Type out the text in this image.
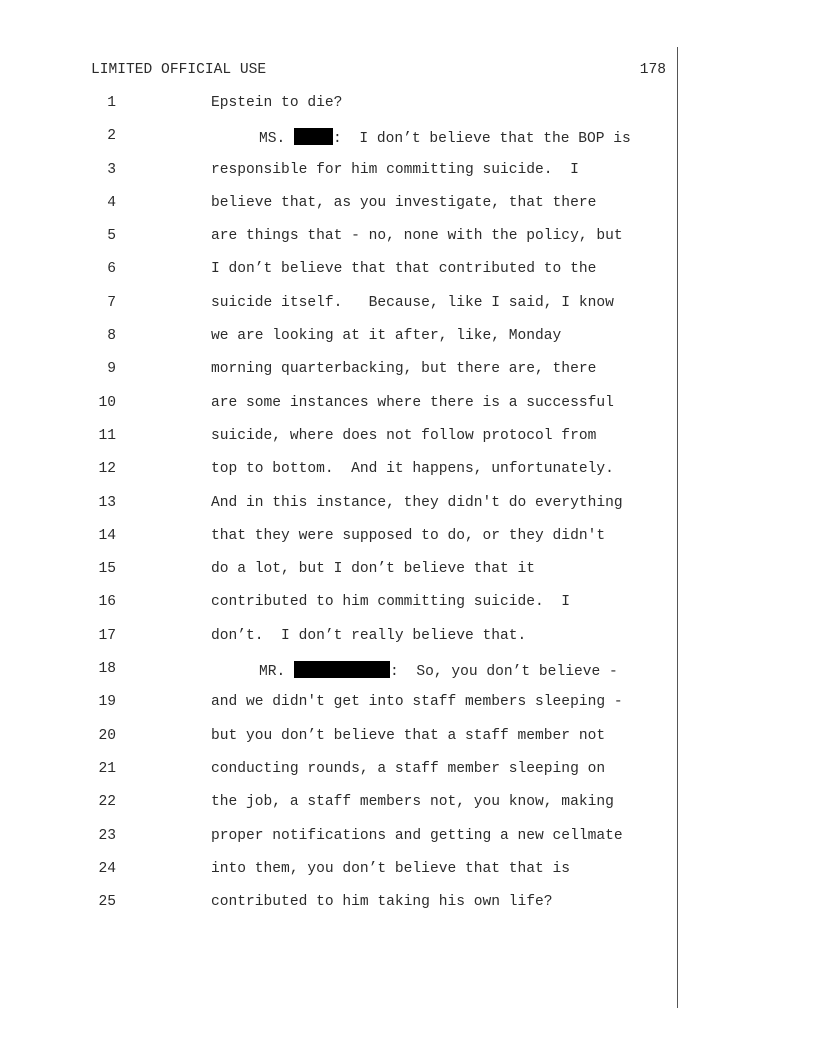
LIMITED OFFICIAL USE	178
1	Epstein to die?
2	MS.	:  I don’t believe that the BOP is
3	responsible for him committing suicide.  I
4	believe that, as you investigate, that there
5	are things that - no, none with the policy, but
6	I don’t believe that that contributed to the
7	suicide itself.   Because, like I said, I know
8	we are looking at it after, like, Monday
9	morning quarterbacking, but there are, there
10	are some instances where there is a successful
11	suicide, where does not follow protocol from
12	top to bottom.  And it happens, unfortunately.
13	And in this instance, they didn't do everything
14	that they were supposed to do, or they didn't
15	do a lot, but I don’t believe that it
16	contributed to him committing suicide.  I
17	don’t.  I don’t really believe that.
18	MR.	:  So, you don’t believe -
19	and we didn't get into staff members sleeping -
20	but you don’t believe that a staff member not
21	conducting rounds, a staff member sleeping on
22	the job, a staff members not, you know, making
23	proper notifications and getting a new cellmate
24	into them, you don’t believe that that is
25	contributed to him taking his own life?
